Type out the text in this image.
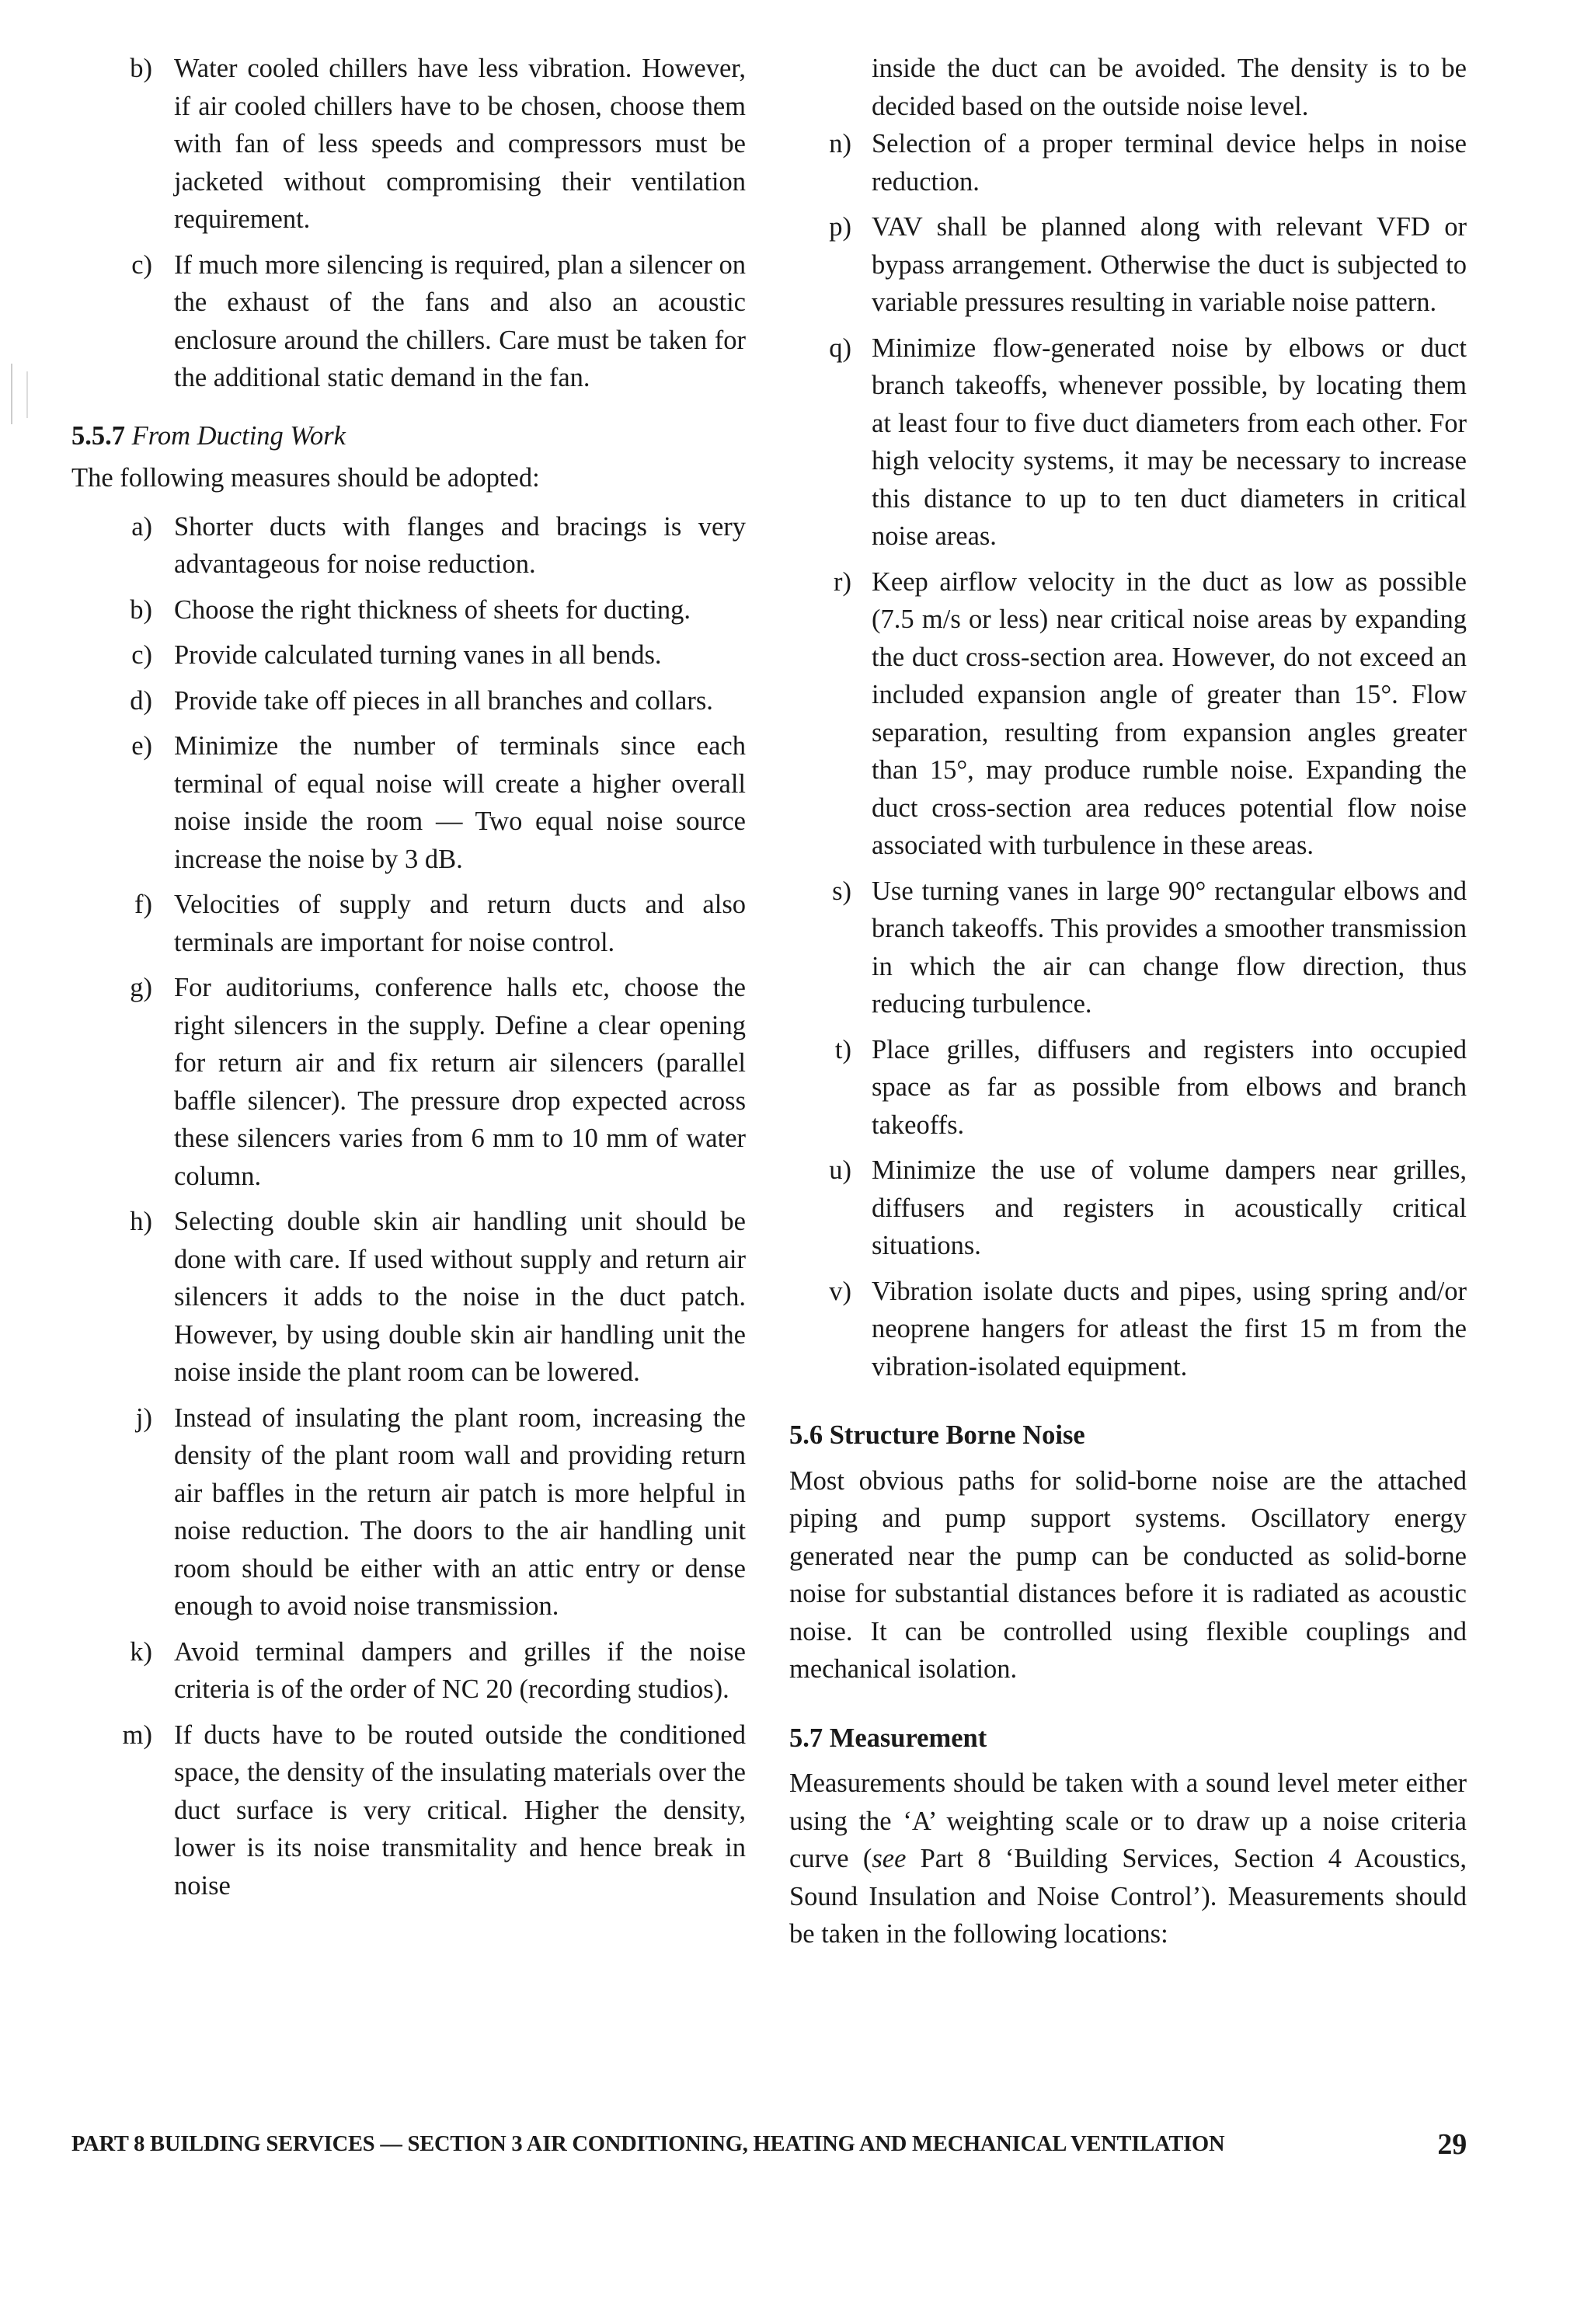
b) Water cooled chillers have less vibration. However, if air cooled chillers have to be chosen, choose them with fan of less speeds and compressors must be jacketed without compromising their ventilation requirement.
c) If much more silencing is required, plan a silencer on the exhaust of the fans and also an acoustic enclosure around the chillers. Care must be taken for the additional static demand in the fan.
5.5.7 From Ducting Work
The following measures should be adopted:
a) Shorter ducts with flanges and bracings is very advantageous for noise reduction.
b) Choose the right thickness of sheets for ducting.
c) Provide calculated turning vanes in all bends.
d) Provide take off pieces in all branches and collars.
e) Minimize the number of terminals since each terminal of equal noise will create a higher overall noise inside the room — Two equal noise source increase the noise by 3 dB.
f) Velocities of supply and return ducts and also terminals are important for noise control.
g) For auditoriums, conference halls etc, choose the right silencers in the supply. Define a clear opening for return air and fix return air silencers (parallel baffle silencer). The pressure drop expected across these silencers varies from 6 mm to 10 mm of water column.
h) Selecting double skin air handling unit should be done with care. If used without supply and return air silencers it adds to the noise in the duct patch. However, by using double skin air handling unit the noise inside the plant room can be lowered.
j) Instead of insulating the plant room, increasing the density of the plant room wall and providing return air baffles in the return air patch is more helpful in noise reduction. The doors to the air handling unit room should be either with an attic entry or dense enough to avoid noise transmission.
k) Avoid terminal dampers and grilles if the noise criteria is of the order of NC 20 (recording studios).
m) If ducts have to be routed outside the conditioned space, the density of the insulating materials over the duct surface is very critical. Higher the density, lower is its noise transmitality and hence break in noise
inside the duct can be avoided. The density is to be decided based on the outside noise level.
n) Selection of a proper terminal device helps in noise reduction.
p) VAV shall be planned along with relevant VFD or bypass arrangement. Otherwise the duct is subjected to variable pressures resulting in variable noise pattern.
q) Minimize flow-generated noise by elbows or duct branch takeoffs, whenever possible, by locating them at least four to five duct diameters from each other. For high velocity systems, it may be necessary to increase this distance to up to ten duct diameters in critical noise areas.
r) Keep airflow velocity in the duct as low as possible (7.5 m/s or less) near critical noise areas by expanding the duct cross-section area. However, do not exceed an included expansion angle of greater than 15°. Flow separation, resulting from expansion angles greater than 15°, may produce rumble noise. Expanding the duct cross-section area reduces potential flow noise associated with turbulence in these areas.
s) Use turning vanes in large 90° rectangular elbows and branch takeoffs. This provides a smoother transmission in which the air can change flow direction, thus reducing turbulence.
t) Place grilles, diffusers and registers into occupied space as far as possible from elbows and branch takeoffs.
u) Minimize the use of volume dampers near grilles, diffusers and registers in acoustically critical situations.
v) Vibration isolate ducts and pipes, using spring and/or neoprene hangers for atleast the first 15 m from the vibration-isolated equipment.
5.6 Structure Borne Noise
Most obvious paths for solid-borne noise are the attached piping and pump support systems. Oscillatory energy generated near the pump can be conducted as solid-borne noise for substantial distances before it is radiated as acoustic noise. It can be controlled using flexible couplings and mechanical isolation.
5.7 Measurement
Measurements should be taken with a sound level meter either using the ‘A’ weighting scale or to draw up a noise criteria curve (see Part 8 ‘Building Services, Section 4 Acoustics, Sound Insulation and Noise Control’). Measurements should be taken in the following locations:
PART 8 BUILDING SERVICES — SECTION 3 AIR CONDITIONING, HEATING AND MECHANICAL VENTILATION	29
